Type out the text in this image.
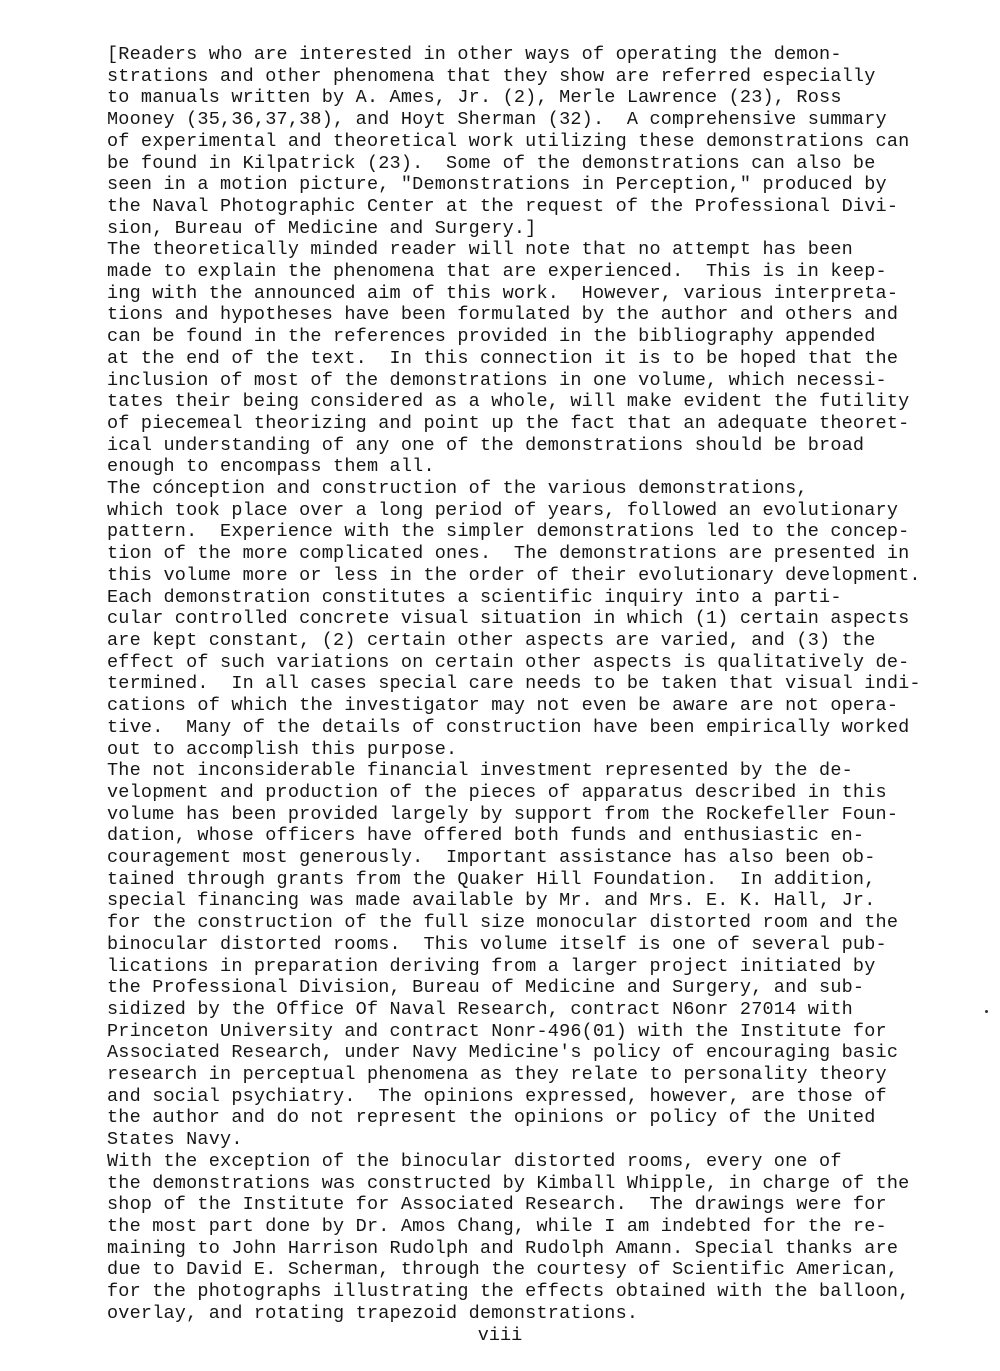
[Readers who are interested in other ways of operating the demon-
strations and other phenomena that they show are referred especially
to manuals written by A. Ames, Jr. (2), Merle Lawrence (23), Ross
Mooney (35,36,37,38), and Hoyt Sherman (32).  A comprehensive summary
of experimental and theoretical work utilizing these demonstrations can
be found in Kilpatrick (23).  Some of the demonstrations can also be
seen in a motion picture, "Demonstrations in Perception," produced by
the Naval Photographic Center at the request of the Professional Divi-
sion, Bureau of Medicine and Surgery.]
The theoretically minded reader will note that no attempt has been
made to explain the phenomena that are experienced.  This is in keep-
ing with the announced aim of this work.  However, various interpreta-
tions and hypotheses have been formulated by the author and others and
can be found in the references provided in the bibliography appended
at the end of the text.  In this connection it is to be hoped that the
inclusion of most of the demonstrations in one volume, which necessi-
tates their being considered as a whole, will make evident the futility
of piecemeal theorizing and point up the fact that an adequate theoret-
ical understanding of any one of the demonstrations should be broad
enough to encompass them all.
The cónception and construction of the various demonstrations,
which took place over a long period of years, followed an evolutionary
pattern.  Experience with the simpler demonstrations led to the concep-
tion of the more complicated ones.  The demonstrations are presented in
this volume more or less in the order of their evolutionary development.
Each demonstration constitutes a scientific inquiry into a parti-
cular controlled concrete visual situation in which (1) certain aspects
are kept constant, (2) certain other aspects are varied, and (3) the
effect of such variations on certain other aspects is qualitatively de-
termined.  In all cases special care needs to be taken that visual indi-
cations of which the investigator may not even be aware are not opera-
tive.  Many of the details of construction have been empirically worked
out to accomplish this purpose.
The not inconsiderable financial investment represented by the de-
velopment and production of the pieces of apparatus described in this
volume has been provided largely by support from the Rockefeller Foun-
dation, whose officers have offered both funds and enthusiastic en-
couragement most generously.  Important assistance has also been ob-
tained through grants from the Quaker Hill Foundation.  In addition,
special financing was made available by Mr. and Mrs. E. K. Hall, Jr.
for the construction of the full size monocular distorted room and the
binocular distorted rooms.  This volume itself is one of several pub-
lications in preparation deriving from a larger project initiated by
the Professional Division, Bureau of Medicine and Surgery, and sub-
sidized by the Office Of Naval Research, contract N6onr 27014 with
Princeton University and contract Nonr-496(01) with the Institute for
Associated Research, under Navy Medicine's policy of encouraging basic
research in perceptual phenomena as they relate to personality theory
and social psychiatry.  The opinions expressed, however, are those of
the author and do not represent the opinions or policy of the United
States Navy.
With the exception of the binocular distorted rooms, every one of
the demonstrations was constructed by Kimball Whipple, in charge of the
shop of the Institute for Associated Research.  The drawings were for
the most part done by Dr. Amos Chang, while I am indebted for the re-
maining to John Harrison Rudolph and Rudolph Amann. Special thanks are
due to David E. Scherman, through the courtesy of Scientific American,
for the photographs illustrating the effects obtained with the balloon,
overlay, and rotating trapezoid demonstrations.
viii
